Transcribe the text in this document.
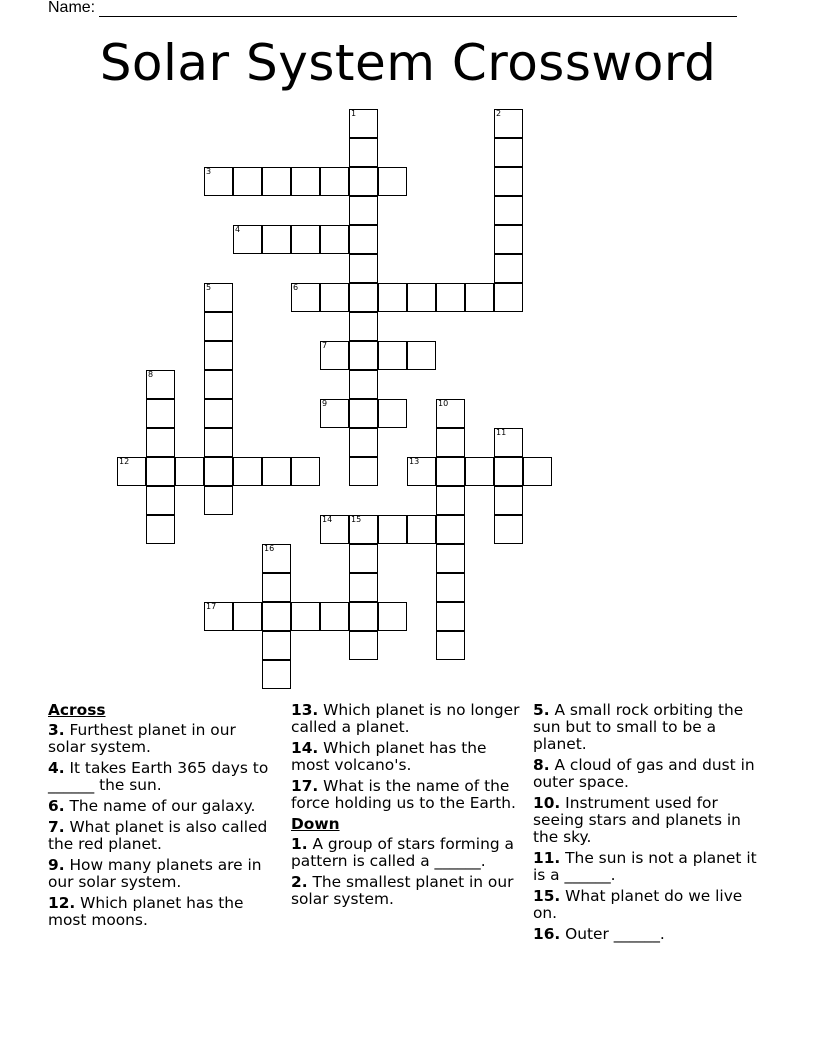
Name:
Solar System Crossword
1	2
3
4
5	6
7
8
9	10
11
12	13
14 15
16
17
Across
3. Furthest planet in our solar system.
4. It takes Earth 365 days to ______ the sun.
6. The name of our galaxy.
7. What planet is also called the red planet.
9. How many planets are in our solar system.
12. Which planet has the most moons.
13. Which planet is no longer called a planet.
14. Which planet has the most volcano's.
17. What is the name of the force holding us to the Earth.
Down
1. A group of stars forming a pattern is called a ______.
2. The smallest planet in our solar system.
5. A small rock orbiting the sun but to small to be a planet.
8. A cloud of gas and dust in outer space.
10. Instrument used for seeing stars and planets in the sky.
11. The sun is not a planet it is a ______.
15. What planet do we live on.
16. Outer ______.
